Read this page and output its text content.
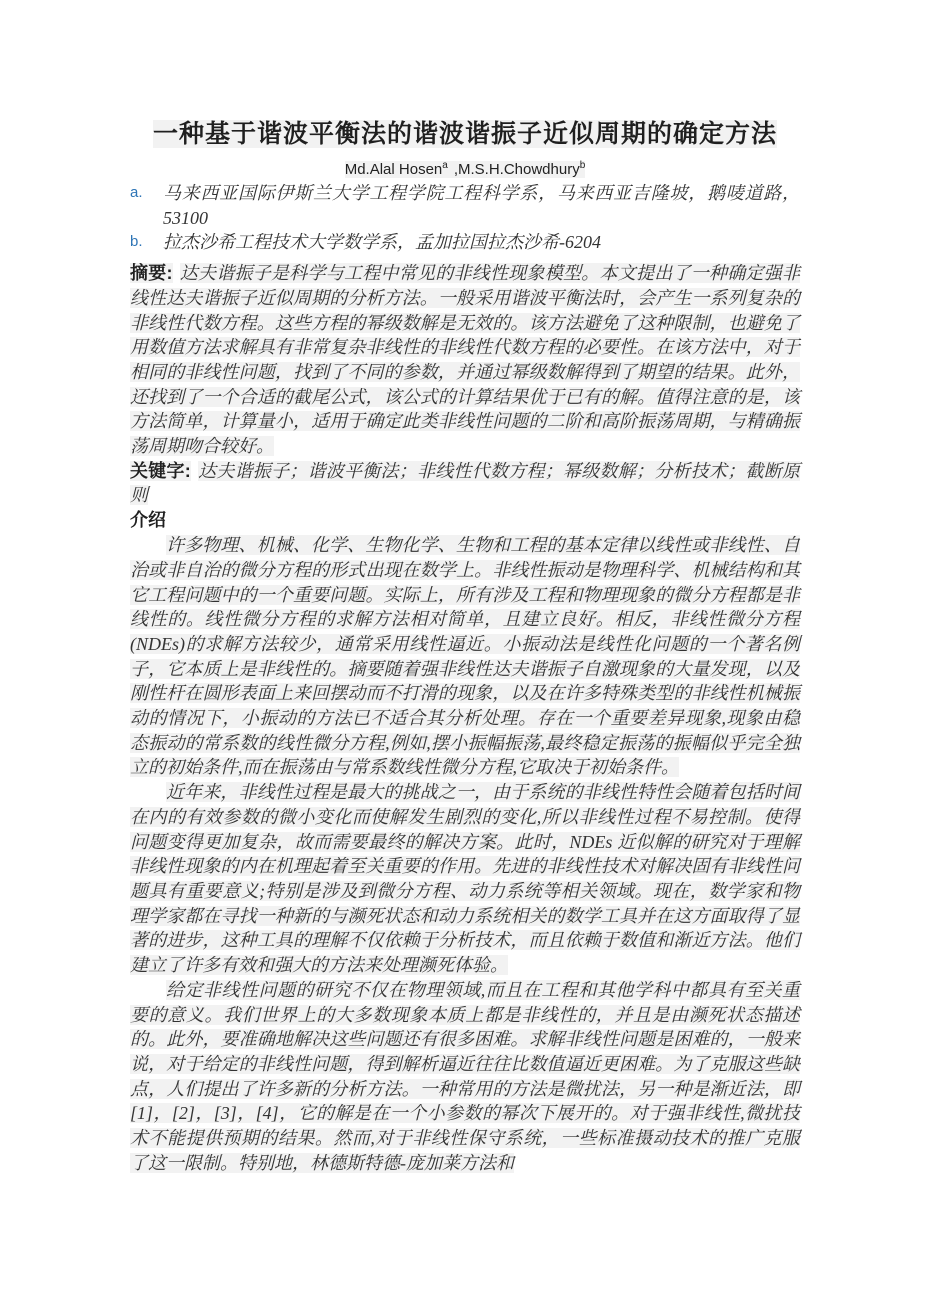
一种基于谐波平衡法的谐波谐振子近似周期的确定方法
Md.Alal Hosen$^a$ ,M.S.H.Chowdhury$^b$
a.	马来西亚国际伊斯兰大学工程学院工程科学系，马来西亚吉隆坡，鹅唛道路，53100
b.	拉杰沙希工程技术大学数学系，孟加拉国拉杰沙希-6204

摘要: 达夫谐振子是科学与工程中常见的非线性现象模型。本文提出了一种确定强非线性达夫谐振子近似周期的分析方法。一般采用谐波平衡法时，会产生一系列复杂的非线性代数方程。这些方程的幂级数解是无效的。该方法避免了这种限制，也避免了用数值方法求解具有非常复杂非线性的非线性代数方程的必要性。在该方法中，对于相同的非线性问题，找到了不同的参数，并通过幂级数解得到了期望的结果。此外，还找到了一个合适的截尾公式，该公式的计算结果优于已有的解。值得注意的是，该方法简单，计算量小，适用于确定此类非线性问题的二阶和高阶振荡周期，与精确振荡周期吻合较好。

关键字: 达夫谐振子；谐波平衡法；非线性代数方程；幂级数解；分析技术；截断原则

介绍

许多物理、机械、化学、生物化学、生物和工程的基本定律以线性或非线性、自治或非自治的微分方程的形式出现在数学上。非线性振动是物理科学、机械结构和其它工程问题中的一个重要问题。实际上，所有涉及工程和物理现象的微分方程都是非线性的。线性微分方程的求解方法相对简单，且建立良好。相反，非线性微分方程(NDEs)的求解方法较少，通常采用线性逼近。小振动法是线性化问题的一个著名例子，它本质上是非线性的。摘要随着强非线性达夫谐振子自激现象的大量发现，以及刚性杆在圆形表面上来回摆动而不打滑的现象，以及在许多特殊类型的非线性机械振动的情况下，小振动的方法已不适合其分析处理。存在一个重要差异现象,现象由稳态振动的常系数的线性微分方程,例如,摆小振幅振荡,最终稳定振荡的振幅似乎完全独立的初始条件,而在振荡由与常系数线性微分方程,它取决于初始条件。

近年来，非线性过程是最大的挑战之一，由于系统的非线性特性会随着包括时间在内的有效参数的微小变化而使解发生剧烈的变化,所以非线性过程不易控制。使得问题变得更加复杂，故而需要最终的解决方案。此时，NDEs 近似解的研究对于理解非线性现象的内在机理起着至关重要的作用。先进的非线性技术对解决固有非线性问题具有重要意义;特别是涉及到微分方程、动力系统等相关领域。现在，数学家和物理学家都在寻找一种新的与濒死状态和动力系统相关的数学工具并在这方面取得了显著的进步，这种工具的理解不仅依赖于分析技术，而且依赖于数值和渐近方法。他们建立了许多有效和强大的方法来处理濒死体验。

给定非线性问题的研究不仅在物理领域,而且在工程和其他学科中都具有至关重要的意义。我们世界上的大多数现象本质上都是非线性的，并且是由濒死状态描述的。此外，要准确地解决这些问题还有很多困难。求解非线性问题是困难的，一般来说，对于给定的非线性问题，得到解析逼近往往比数值逼近更困难。为了克服这些缺点，人们提出了许多新的分析方法。一种常用的方法是微扰法，另一种是渐近法，即[1]，[2]，[3]，[4]，它的解是在一个小参数的幂次下展开的。对于强非线性,微扰技术不能提供预期的结果。然而,对于非线性保守系统，一些标准摄动技术的推广克服了这一限制。特别地，林德斯特德-庞加莱方法和
